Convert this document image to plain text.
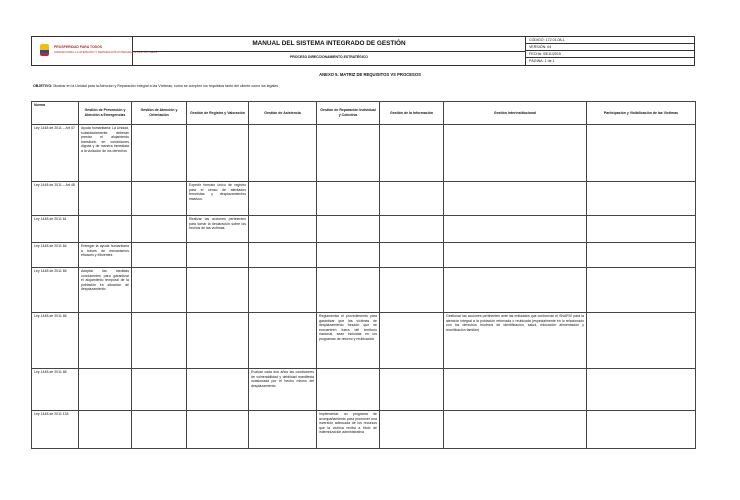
PROSPERIDAD PARA TODOS
UNIDAD PARA LA ATENCIÓN Y REPARACIÓN INTEGRAL A LAS VÍCTIMAS
MANUAL DEL SISTEMA INTEGRADO DE GESTIÓN
PROCESO DIRECCIONAMIENTO ESTRATÉGICO
CÓDIGO: 172.01.08-1
VERSIÓN: 04
FECHA: 05/11/2015
PÁGINA: 1 de 1
ANEXO 5. MATRIZ DE REQUISITOS VS PROCESOS
OBJETIVO: Mostrar en la Unidad para la Atención y Reparación Integral a las Víctimas, como se cumplen los requisitos tanto del cliente como los legales
Norma	Gestión de Prevención y Atención a Emergencias	Gestión de Atención y Orientación	Gestión de Registro y Valoración	Gestión de Asistencia	Gestión de Reparación Individual y Colectiva	Gestión de la Información	Gestión Interinstitucional	Participación y Visibilización de las Víctimas
Ley 1448 de 2011 – Art 47	Ayuda humanitaria: La Unidad, subsidiariamente, deberán prestar el alojamiento transitorio en condiciones dignas y de manera inmediata a la violación de los derechos							
Ley 1448 de 2011 – Art 48			Expedir formato único de registro para el censo de atentados terroristas y desplazamientos masivos.					
Ley 1448 de 2011 61			Realizar las acciones pertinentes para tomar la declaración sobre los hechos de las víctimas.					
Ley 1448 de 2011 64	Entregar la ayuda humanitaria a través de mecanismos eficaces y eficientes							
Ley 1448 de 2011 65	Adoptar las medidas conducentes para garantizar el alojamiento temporal de la población en situación de desplazamiento							
Ley 1448 de 2011 66					Reglamentar el procedimiento para garantizar que las víctimas de desplazamiento forzado que se encuentren fuera del territorio nacional, sean incluidas en los programas de retorno y reubicación		Gestionar las acciones pertinentes ante las entidades que conforman el SNARIV para la atención integral a la población retornada o reubicada (especialmente en lo relacionado con los derechos mínimos de identificación, salud, educación alimentación y reunificación familiar)	
Ley 1448 de 2011 68				Evaluar cada dos años las condiciones de vulnerabilidad y debilidad manifiesta ocasionada por el hecho mismo del desplazamiento				
Ley 1448 de 2011 134					Implementar un programa de acompañamiento para promover una inversión adecuada de los recursos que la víctima reciba a título de indemnización administrativa			
